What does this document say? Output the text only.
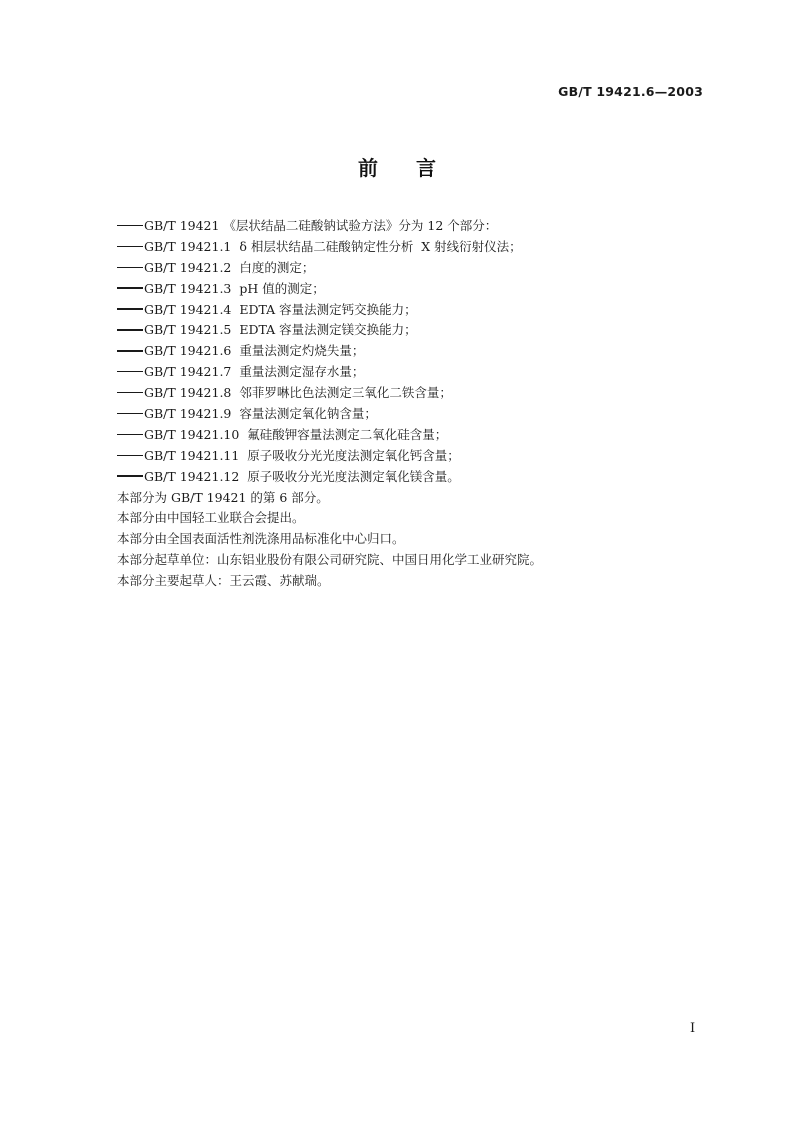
GB/T 19421.6—2003
前言
GB/T 19421 《层状结晶二硅酸钠试验方法》分为 12 个部分：
GB/T 19421.1  δ 相层状结晶二硅酸钠定性分析  X 射线衍射仪法；
GB/T 19421.2  白度的测定；
GB/T 19421.3  pH 值的测定；
GB/T 19421.4  EDTA 容量法测定钙交换能力；
GB/T 19421.5  EDTA 容量法测定镁交换能力；
GB/T 19421.6  重量法测定灼烧失量；
GB/T 19421.7  重量法测定湿存水量；
GB/T 19421.8  邻菲罗啉比色法测定三氧化二铁含量；
GB/T 19421.9  容量法测定氧化钠含量；
GB/T 19421.10  氟硅酸钾容量法测定二氧化硅含量；
GB/T 19421.11  原子吸收分光光度法测定氧化钙含量；
GB/T 19421.12  原子吸收分光光度法测定氧化镁含量。
本部分为 GB/T 19421 的第 6 部分。
本部分由中国轻工业联合会提出。
本部分由全国表面活性剂洗涤用品标准化中心归口。
本部分起草单位：山东铝业股份有限公司研究院、中国日用化学工业研究院。
本部分主要起草人：王云霞、苏献瑞。
I
